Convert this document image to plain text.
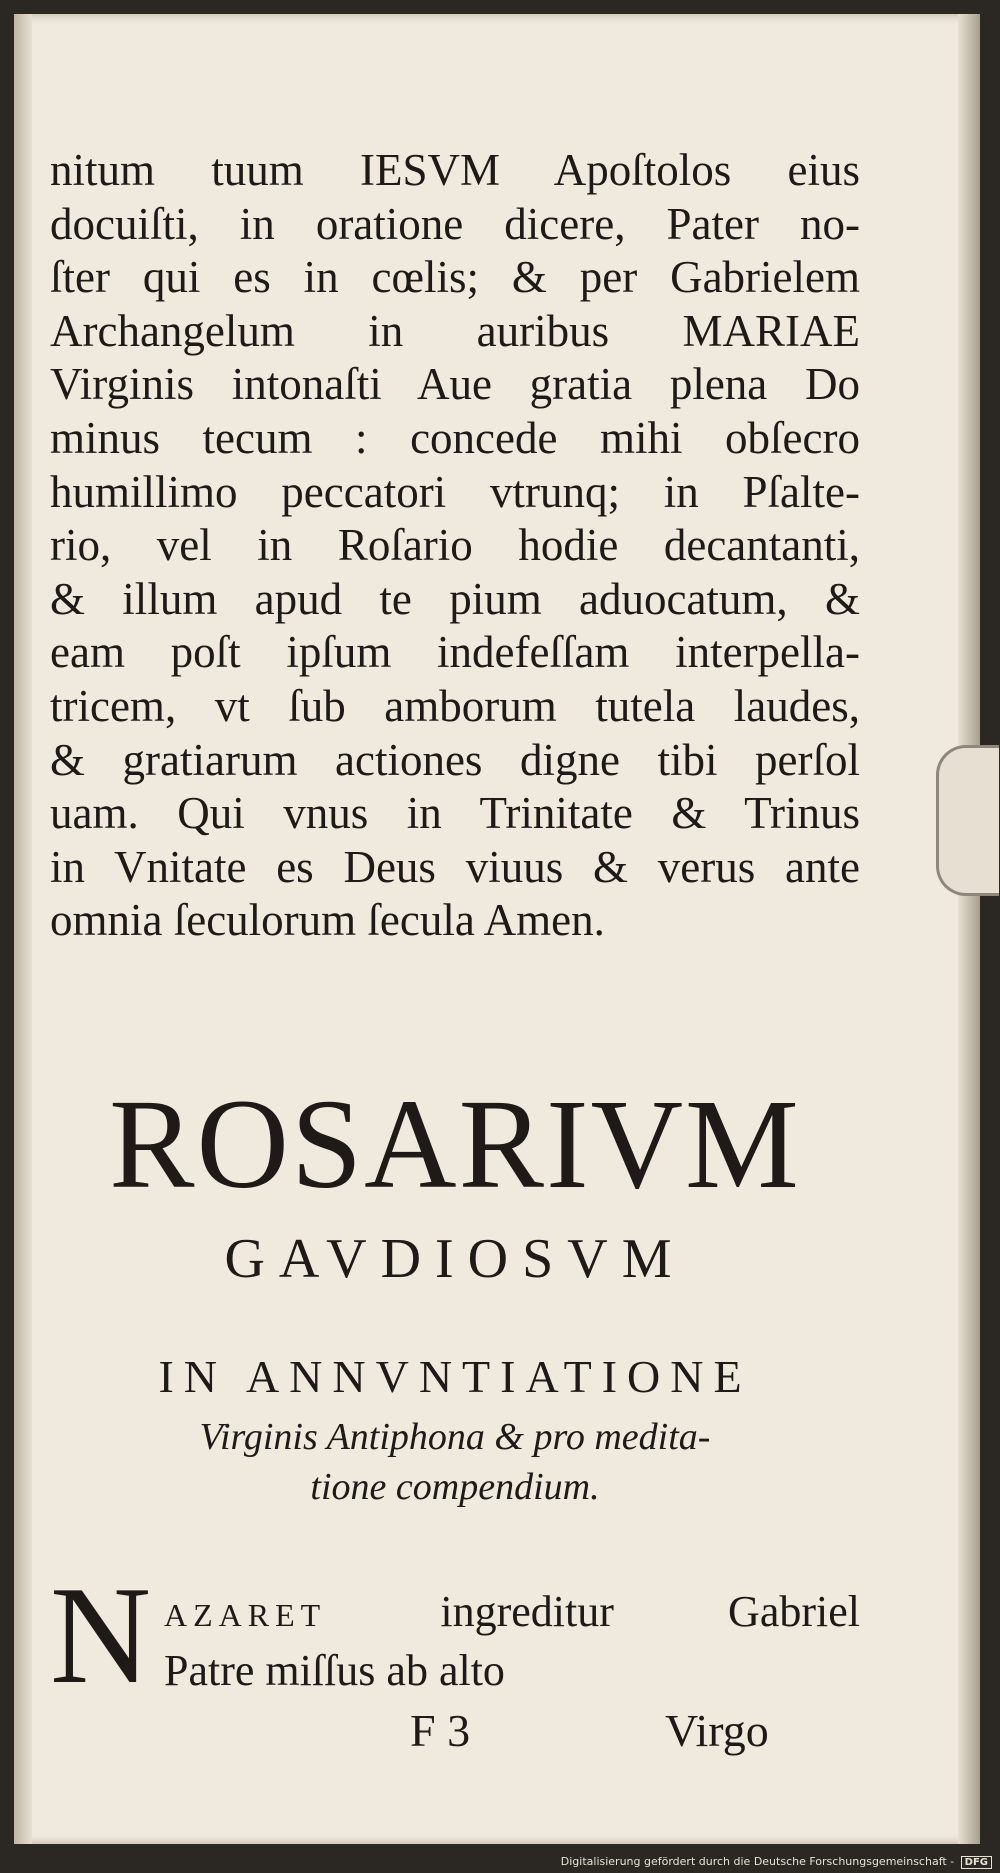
nitum tuum IESVM Apoſtolos eius
docuiſti, in oratione dicere, Pater no-
ſter qui es in cœlis; & per Gabrielem
Archangelum in auribus MARIAE
Virginis intonaſti Aue gratia plena Do
minus tecum : concede mihi obſecro
humillimo peccatori vtrunq; in Pſalte-
rio, vel in Roſario hodie decantanti,
& illum apud te pium aduocatum, &
eam poſt ipſum indefeſſam interpella-
tricem, vt ſub amborum tutela laudes,
& gratiarum actiones digne tibi perſol
uam. Qui vnus in Trinitate & Trinus
in Vnitate es Deus viuus & verus ante
omnia ſeculorum ſecula Amen.
ROSARIVM
GAVDIOSVM
IN ANNVNTIATIONE
Virginis Antiphona & pro medita-
tione compendium.
N AZARET ingreditur Gabriel
Patre miſſus ab alto
F 3	Virgo
Digitalisierung gefördert durch die Deutsche Forschungsgemeinschaft - DFG
